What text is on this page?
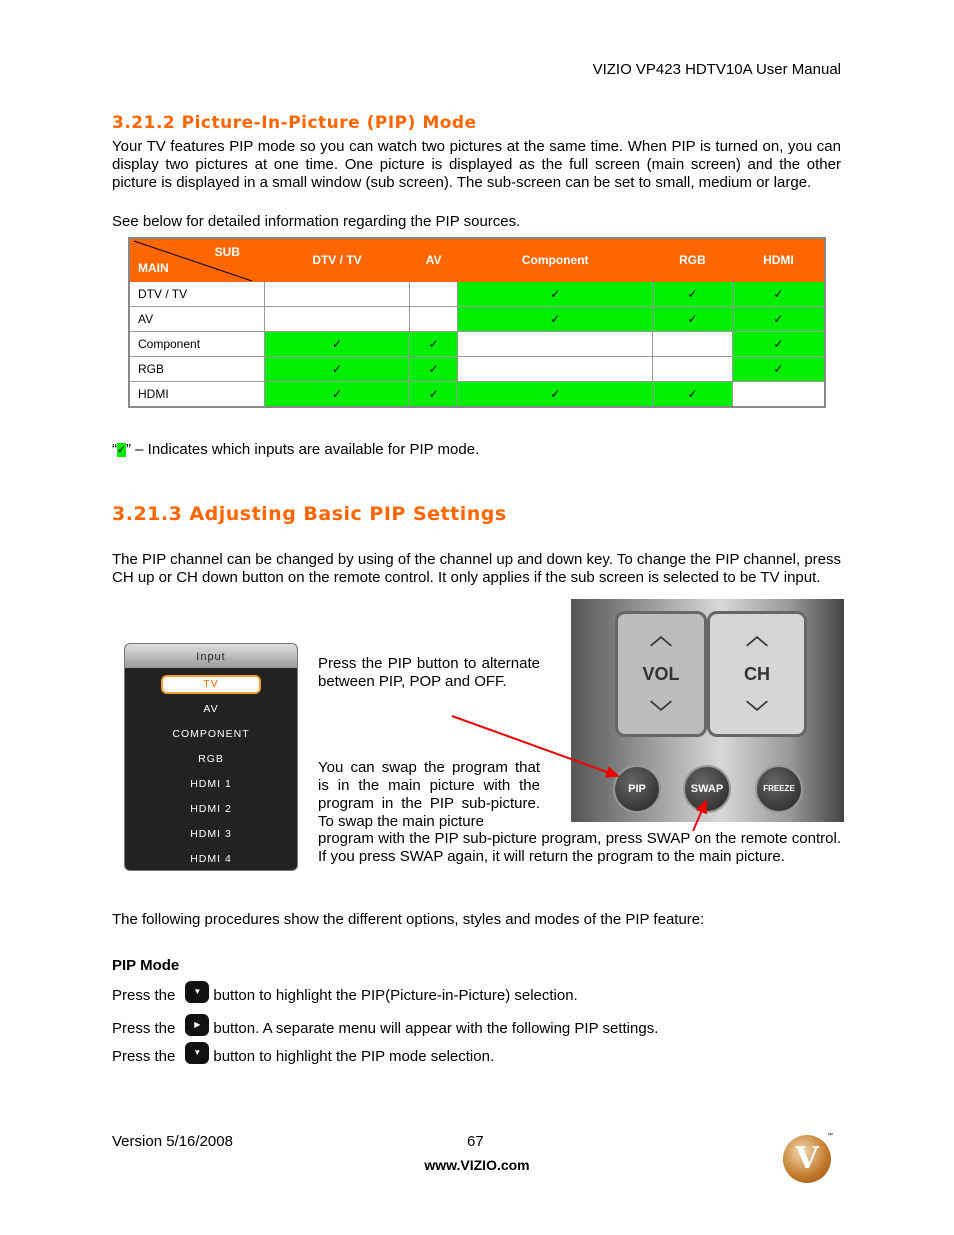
VIZIO VP423 HDTV10A User Manual
3.21.2 Picture-In-Picture (PIP) Mode
Your TV features PIP mode so you can watch two pictures at the same time. When PIP is turned on, you can display two pictures at one time. One picture is displayed as the full screen (main screen) and the other picture is displayed in a small window (sub screen). The sub-screen can be set to small, medium or large.
See below for detailed information regarding the PIP sources.
SUB
MAIN	DTV / TV	AV	Component	RGB	HDMI
DTV / TV			✓	✓	✓
AV			✓	✓	✓
Component	✓	✓			✓
RGB	✓	✓			✓
HDMI	✓	✓	✓	✓	
“✓” – Indicates which inputs are available for PIP mode.
3.21.3 Adjusting Basic PIP Settings
The PIP channel can be changed by using of the channel up and down key. To change the PIP channel, press CH up or CH down button on the remote control. It only applies if the sub screen is selected to be TV input.
Input
TV
AV
COMPONENT
RGB
HDMI 1
HDMI 2
HDMI 3
HDMI 4
Press the PIP button to alternate between PIP, POP and OFF.
You can swap the program that is in the main picture with the program in the PIP sub-picture. To swap the main picture
program with the PIP sub-picture program, press SWAP on the remote control. If you press SWAP again, it will return the program to the main picture.
︿
VOL
﹀
︿
CH
﹀
PIP	SWAP	FREEZE
The following procedures show the different options, styles and modes of the PIP feature:
PIP Mode
Press the ▼ button to highlight the PIP(Picture-in-Picture) selection.
Press the ▶ button. A separate menu will appear with the following PIP settings.
Press the ▼ button to highlight the PIP mode selection.
Version 5/16/2008	67
www.VIZIO.com	V
™
